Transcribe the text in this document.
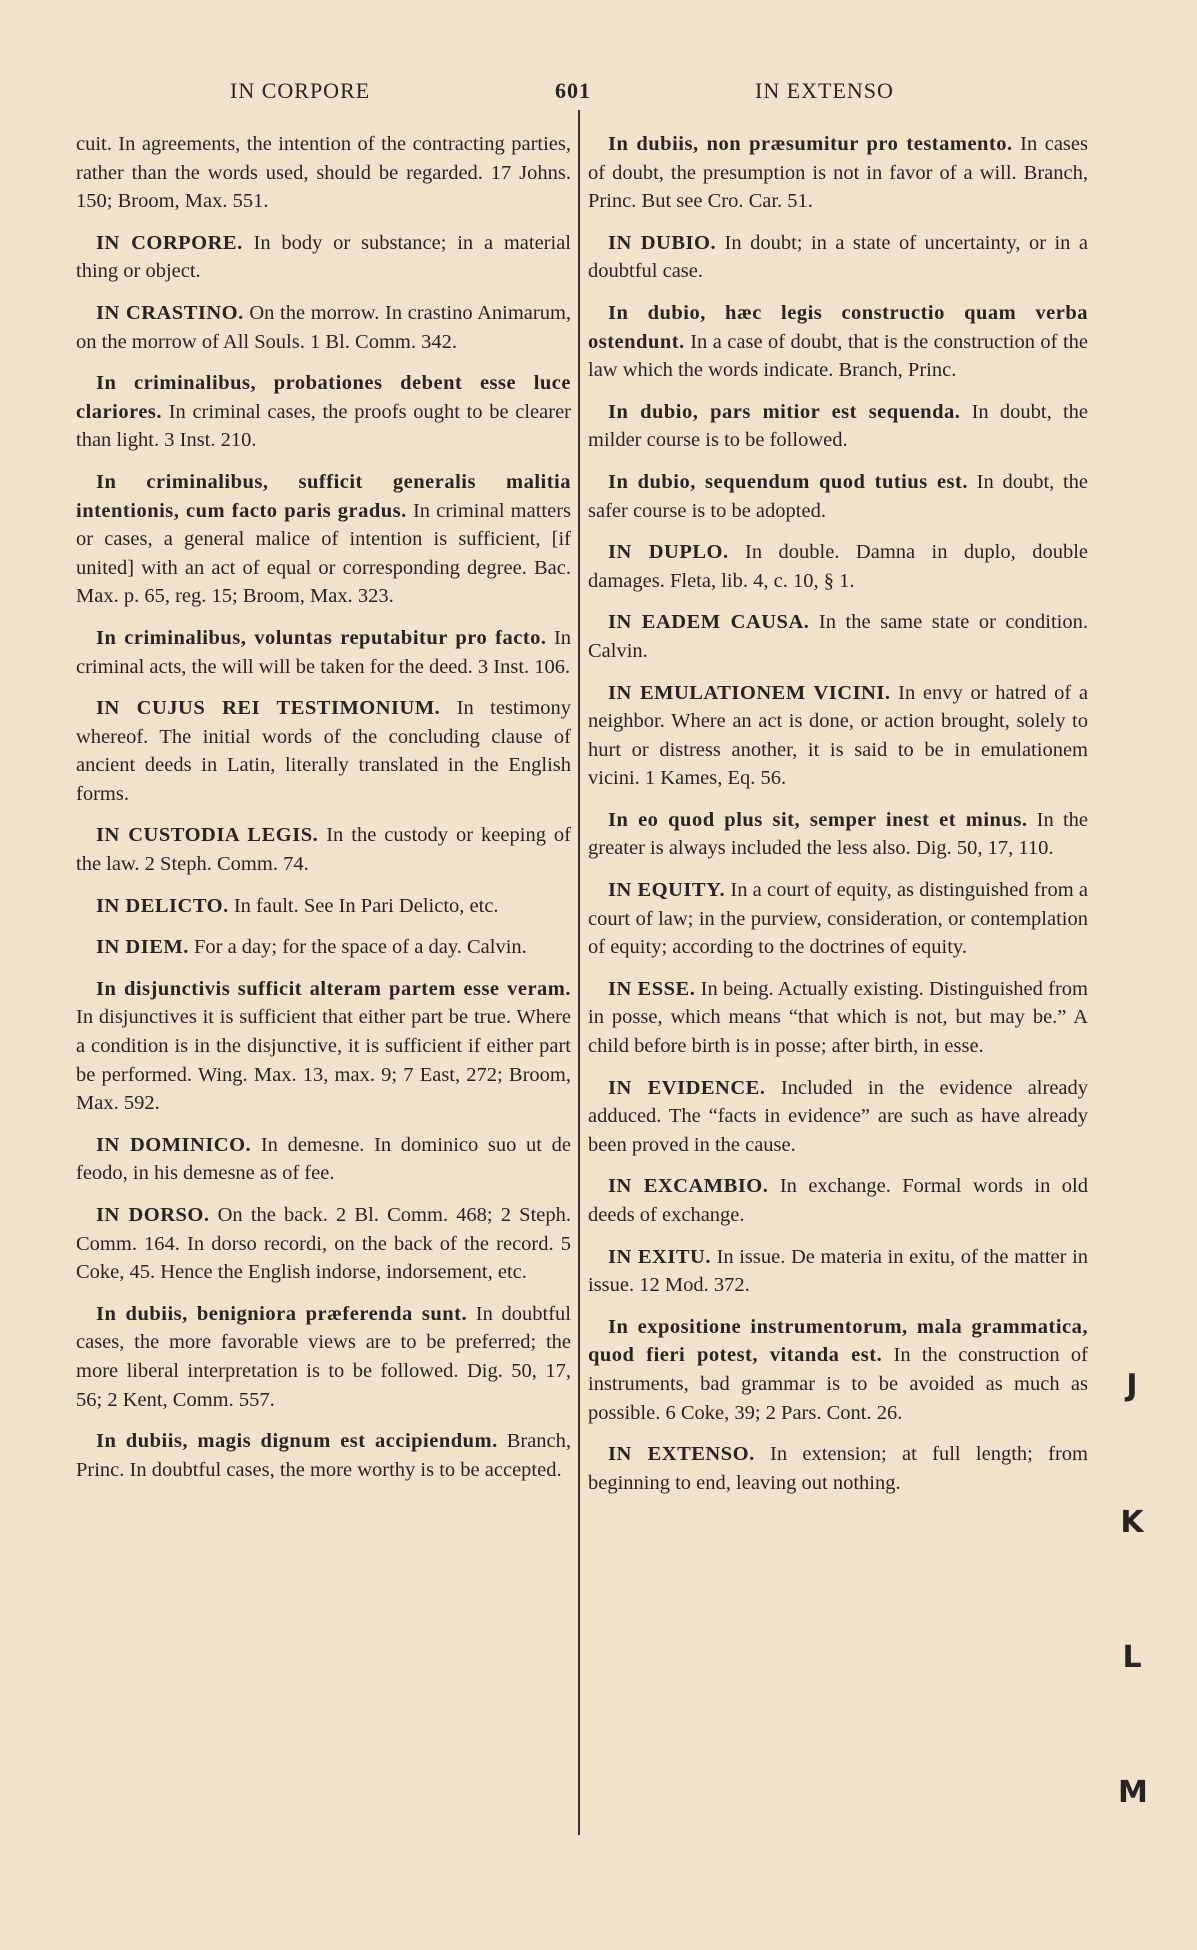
IN CORPORE	601	IN EXTENSO

cuit. In agreements, the intention of the contracting parties, rather than the words used, should be regarded. 17 Johns. 150; Broom, Max. 551.

IN CORPORE. In body or substance; in a material thing or object.

IN CRASTINO. On the morrow. In crastino Animarum, on the morrow of All Souls. 1 Bl. Comm. 342.

In criminalibus, probationes debent esse luce clariores. In criminal cases, the proofs ought to be clearer than light. 3 Inst. 210.

In criminalibus, sufficit generalis malitia intentionis, cum facto paris gradus. In criminal matters or cases, a general malice of intention is sufficient, [if united] with an act of equal or corresponding degree. Bac. Max. p. 65, reg. 15; Broom, Max. 323.

In criminalibus, voluntas reputabitur pro facto. In criminal acts, the will will be taken for the deed. 3 Inst. 106.

IN CUJUS REI TESTIMONIUM. In testimony whereof. The initial words of the concluding clause of ancient deeds in Latin, literally translated in the English forms.

IN CUSTODIA LEGIS. In the custody or keeping of the law. 2 Steph. Comm. 74.

IN DELICTO. In fault. See In Pari Delicto, etc.

IN DIEM. For a day; for the space of a day. Calvin.

In disjunctivis sufficit alteram partem esse veram. In disjunctives it is sufficient that either part be true. Where a condition is in the disjunctive, it is sufficient if either part be performed. Wing. Max. 13, max. 9; 7 East, 272; Broom, Max. 592.

IN DOMINICO. In demesne. In dominico suo ut de feodo, in his demesne as of fee.

IN DORSO. On the back. 2 Bl. Comm. 468; 2 Steph. Comm. 164. In dorso recordi, on the back of the record. 5 Coke, 45. Hence the English indorse, indorsement, etc.

In dubiis, benigniora præferenda sunt. In doubtful cases, the more favorable views are to be preferred; the more liberal interpretation is to be followed. Dig. 50, 17, 56; 2 Kent, Comm. 557.

In dubiis, magis dignum est accipiendum. Branch, Princ. In doubtful cases, the more worthy is to be accepted.

In dubiis, non præsumitur pro testamento. In cases of doubt, the presumption is not in favor of a will. Branch, Princ. But see Cro. Car. 51.

IN DUBIO. In doubt; in a state of uncertainty, or in a doubtful case.

In dubio, hæc legis constructio quam verba ostendunt. In a case of doubt, that is the construction of the law which the words indicate. Branch, Princ.

In dubio, pars mitior est sequenda. In doubt, the milder course is to be followed.

In dubio, sequendum quod tutius est. In doubt, the safer course is to be adopted.

IN DUPLO. In double. Damna in duplo, double damages. Fleta, lib. 4, c. 10, § 1.

IN EADEM CAUSA. In the same state or condition. Calvin.

IN EMULATIONEM VICINI. In envy or hatred of a neighbor. Where an act is done, or action brought, solely to hurt or distress another, it is said to be in emulationem vicini. 1 Kames, Eq. 56.

In eo quod plus sit, semper inest et minus. In the greater is always included the less also. Dig. 50, 17, 110.

IN EQUITY. In a court of equity, as distinguished from a court of law; in the purview, consideration, or contemplation of equity; according to the doctrines of equity.

IN ESSE. In being. Actually existing. Distinguished from in posse, which means “that which is not, but may be.” A child before birth is in posse; after birth, in esse.

IN EVIDENCE. Included in the evidence already adduced. The “facts in evidence” are such as have already been proved in the cause.

IN EXCAMBIO. In exchange. Formal words in old deeds of exchange.

IN EXITU. In issue. De materia in exitu, of the matter in issue. 12 Mod. 372.

In expositione instrumentorum, mala grammatica, quod fieri potest, vitanda est. In the construction of instruments, bad grammar is to be avoided as much as possible. 6 Coke, 39; 2 Pars. Cont. 26.

IN EXTENSO. In extension; at full length; from beginning to end, leaving out nothing.

J
K
L
M
